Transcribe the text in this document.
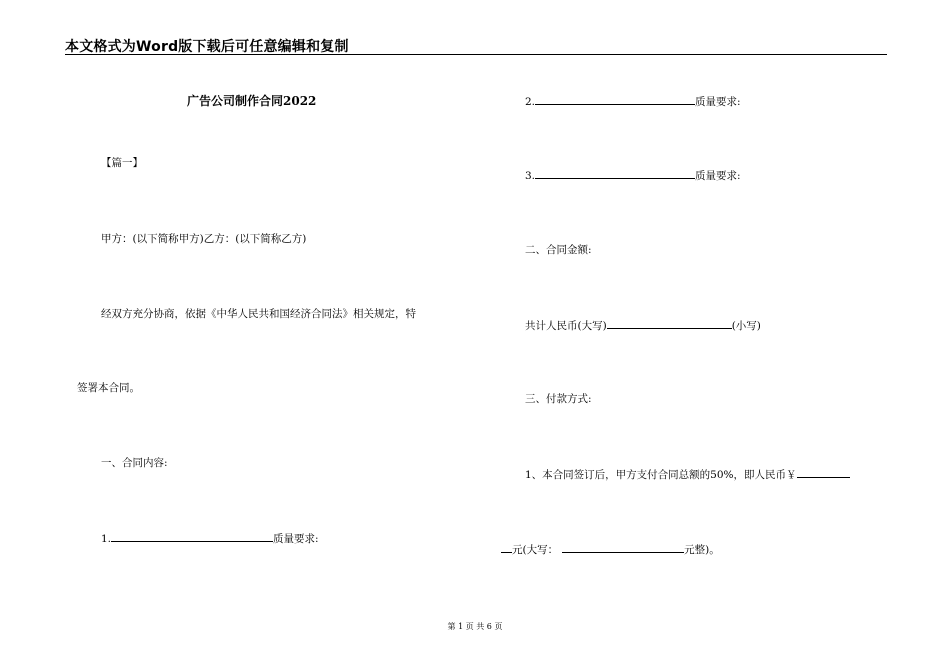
本文格式为Word版下载后可任意编辑和复制
广告公司制作合同2022
【篇一】
甲方：(以下简称甲方)乙方：(以下简称乙方)
经双方充分协商，依据《中华人民共和国经济合同法》相关规定，特
签署本合同。
一、合同内容:
1.	质量要求:
2.	质量要求:
3.	质量要求:
二、合同金额:
共计人民币(大写)	(小写)
三、付款方式:
1、本合同签订后，甲方支付合同总额的50%，即人民币￥
元(大写：	元整)。
第 1 页 共 6 页
